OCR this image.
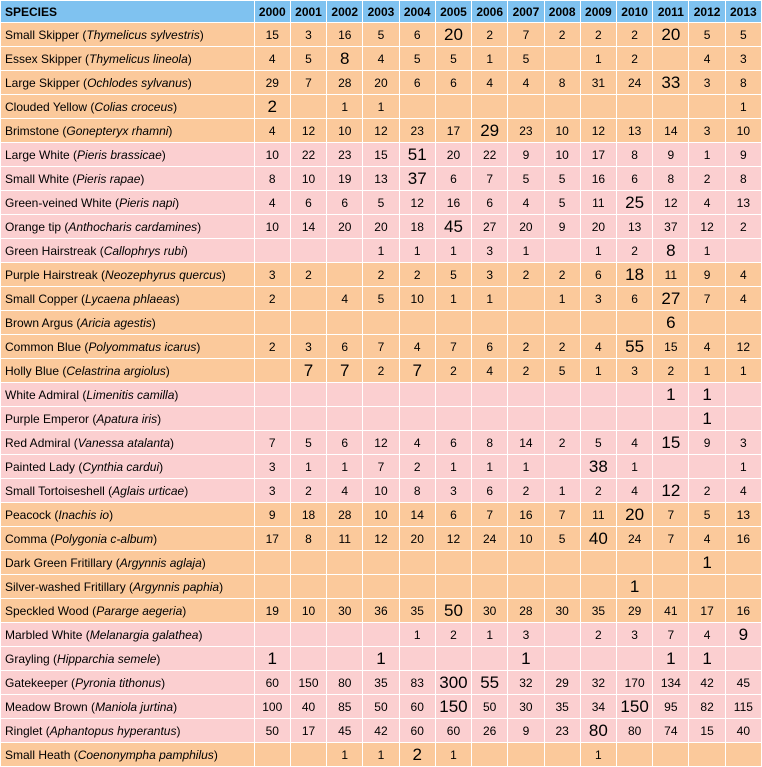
SPECIES	2000	2001	2002	2003	2004	2005	2006	2007	2008	2009	2010	2011	2012	2013
Small Skipper (Thymelicus sylvestris)	15	3	16	5	6	20	2	7	2	2	2	20	5	5
Essex Skipper (Thymelicus lineola)	4	5	8	4	5	5	1	5		1	2		4	3
Large Skipper (Ochlodes sylvanus)	29	7	28	20	6	6	4	4	8	31	24	33	3	8
Clouded Yellow (Colias croceus)	2		1	1										1
Brimstone (Gonepteryx rhamni)	4	12	10	12	23	17	29	23	10	12	13	14	3	10
Large White (Pieris brassicae)	10	22	23	15	51	20	22	9	10	17	8	9	1	9
Small White (Pieris rapae)	8	10	19	13	37	6	7	5	5	16	6	8	2	8
Green-veined White (Pieris napi)	4	6	6	5	12	16	6	4	5	11	25	12	4	13
Orange tip (Anthocharis cardamines)	10	14	20	20	18	45	27	20	9	20	13	37	12	2
Green Hairstreak (Callophrys rubi)				1	1	1	3	1		1	2	8	1	
Purple Hairstreak (Neozephyrus quercus)	3	2		2	2	5	3	2	2	6	18	11	9	4
Small Copper (Lycaena phlaeas)	2		4	5	10	1	1		1	3	6	27	7	4
Brown Argus (Aricia agestis)												6		
Common Blue (Polyommatus icarus)	2	3	6	7	4	7	6	2	2	4	55	15	4	12
Holly Blue (Celastrina argiolus)		7	7	2	7	2	4	2	5	1	3	2	1	1
White Admiral (Limenitis camilla)												1	1	
Purple Emperor (Apatura iris)													1	
Red Admiral (Vanessa atalanta)	7	5	6	12	4	6	8	14	2	5	4	15	9	3
Painted Lady (Cynthia cardui)	3	1	1	7	2	1	1	1		38	1			1
Small Tortoiseshell (Aglais urticae)	3	2	4	10	8	3	6	2	1	2	4	12	2	4
Peacock (Inachis io)	9	18	28	10	14	6	7	16	7	11	20	7	5	13
Comma (Polygonia c-album)	17	8	11	12	20	12	24	10	5	40	24	7	4	16
Dark Green Fritillary (Argynnis aglaja)													1	
Silver-washed Fritillary (Argynnis paphia)											1			
Speckled Wood (Pararge aegeria)	19	10	30	36	35	50	30	28	30	35	29	41	17	16
Marbled White (Melanargia galathea)					1	2	1	3		2	3	7	4	9
Grayling (Hipparchia semele)	1			1				1				1	1	
Gatekeeper (Pyronia tithonus)	60	150	80	35	83	300	55	32	29	32	170	134	42	45
Meadow Brown (Maniola jurtina)	100	40	85	50	60	150	50	30	35	34	150	95	82	115
Ringlet (Aphantopus hyperantus)	50	17	45	42	60	60	26	9	23	80	80	74	15	40
Small Heath (Coenonympha pamphilus)			1	1	2	1				1				
